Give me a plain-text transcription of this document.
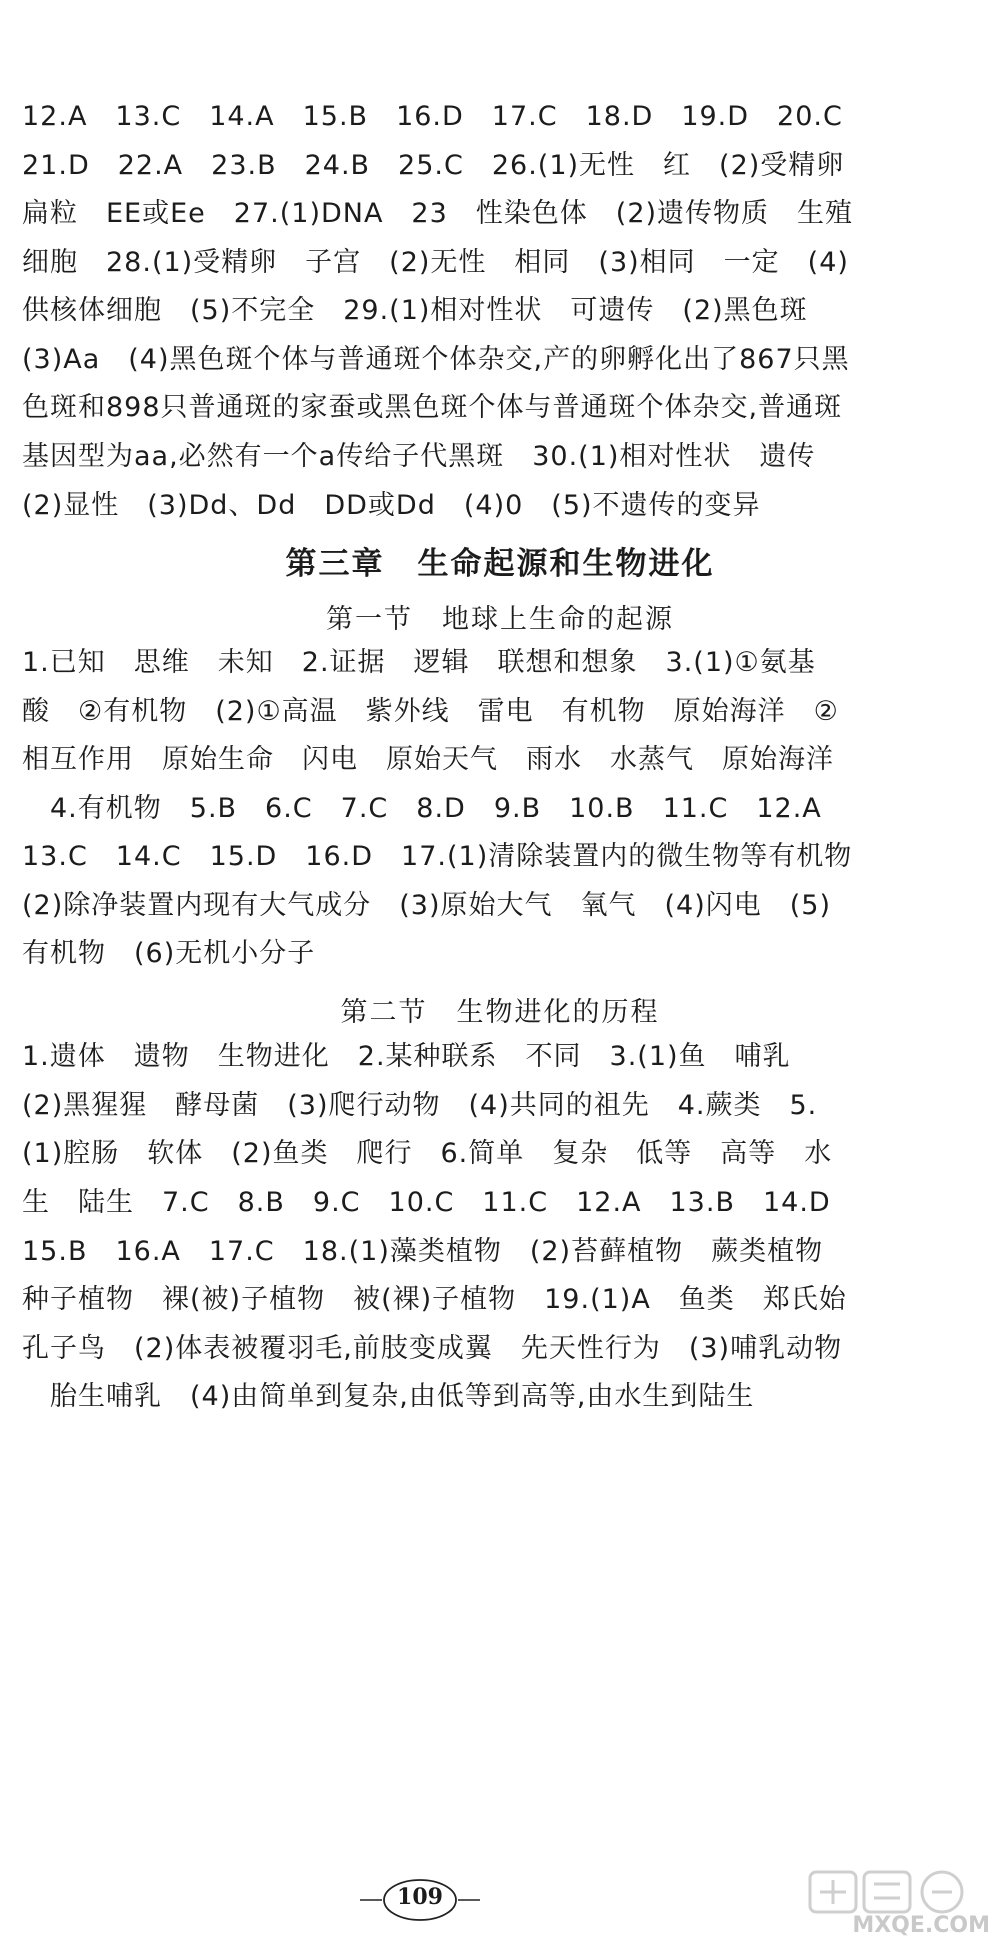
12.A　13.C　14.A　15.B　16.D　17.C　18.D　19.D　20.C
21.D　22.A　23.B　24.B　25.C　26.(1)无性　红　(2)受精卵
扁粒　EE或Ee　27.(1)DNA　23　性染色体　(2)遗传物质　生殖
细胞　28.(1)受精卵　子宫　(2)无性　相同　(3)相同　一定　(4)
供核体细胞　(5)不完全　29.(1)相对性状　可遗传　(2)黑色斑
(3)Aa　(4)黑色斑个体与普通斑个体杂交,产的卵孵化出了867只黑
色斑和898只普通斑的家蚕或黑色斑个体与普通斑个体杂交,普通斑
基因型为aa,必然有一个a传给子代黑斑　30.(1)相对性状　遗传
(2)显性　(3)Dd、Dd　DD或Dd　(4)0　(5)不遗传的变异
第三章　生命起源和生物进化
第一节　地球上生命的起源
1.已知　思维　未知　2.证据　逻辑　联想和想象　3.(1)①氨基
酸　②有机物　(2)①高温　紫外线　雷电　有机物　原始海洋　②
相互作用　原始生命　闪电　原始天气　雨水　水蒸气　原始海洋
　4.有机物　5.B　6.C　7.C　8.D　9.B　10.B　11.C　12.A
13.C　14.C　15.D　16.D　17.(1)清除装置内的微生物等有机物
(2)除净装置内现有大气成分　(3)原始大气　氧气　(4)闪电　(5)
有机物　(6)无机小分子
第二节　生物进化的历程
1.遗体　遗物　生物进化　2.某种联系　不同　3.(1)鱼　哺乳
(2)黑猩猩　酵母菌　(3)爬行动物　(4)共同的祖先　4.蕨类　5.
(1)腔肠　软体　(2)鱼类　爬行　6.简单　复杂　低等　高等　水
生　陆生　7.C　8.B　9.C　10.C　11.C　12.A　13.B　14.D
15.B　16.A　17.C　18.(1)藻类植物　(2)苔藓植物　蕨类植物
种子植物　裸(被)子植物　被(裸)子植物　19.(1)A　鱼类　郑氏始
孔子鸟　(2)体表被覆羽毛,前肢变成翼　先天性行为　(3)哺乳动物
　胎生哺乳　(4)由简单到复杂,由低等到高等,由水生到陆生
109
MXQE.COM
